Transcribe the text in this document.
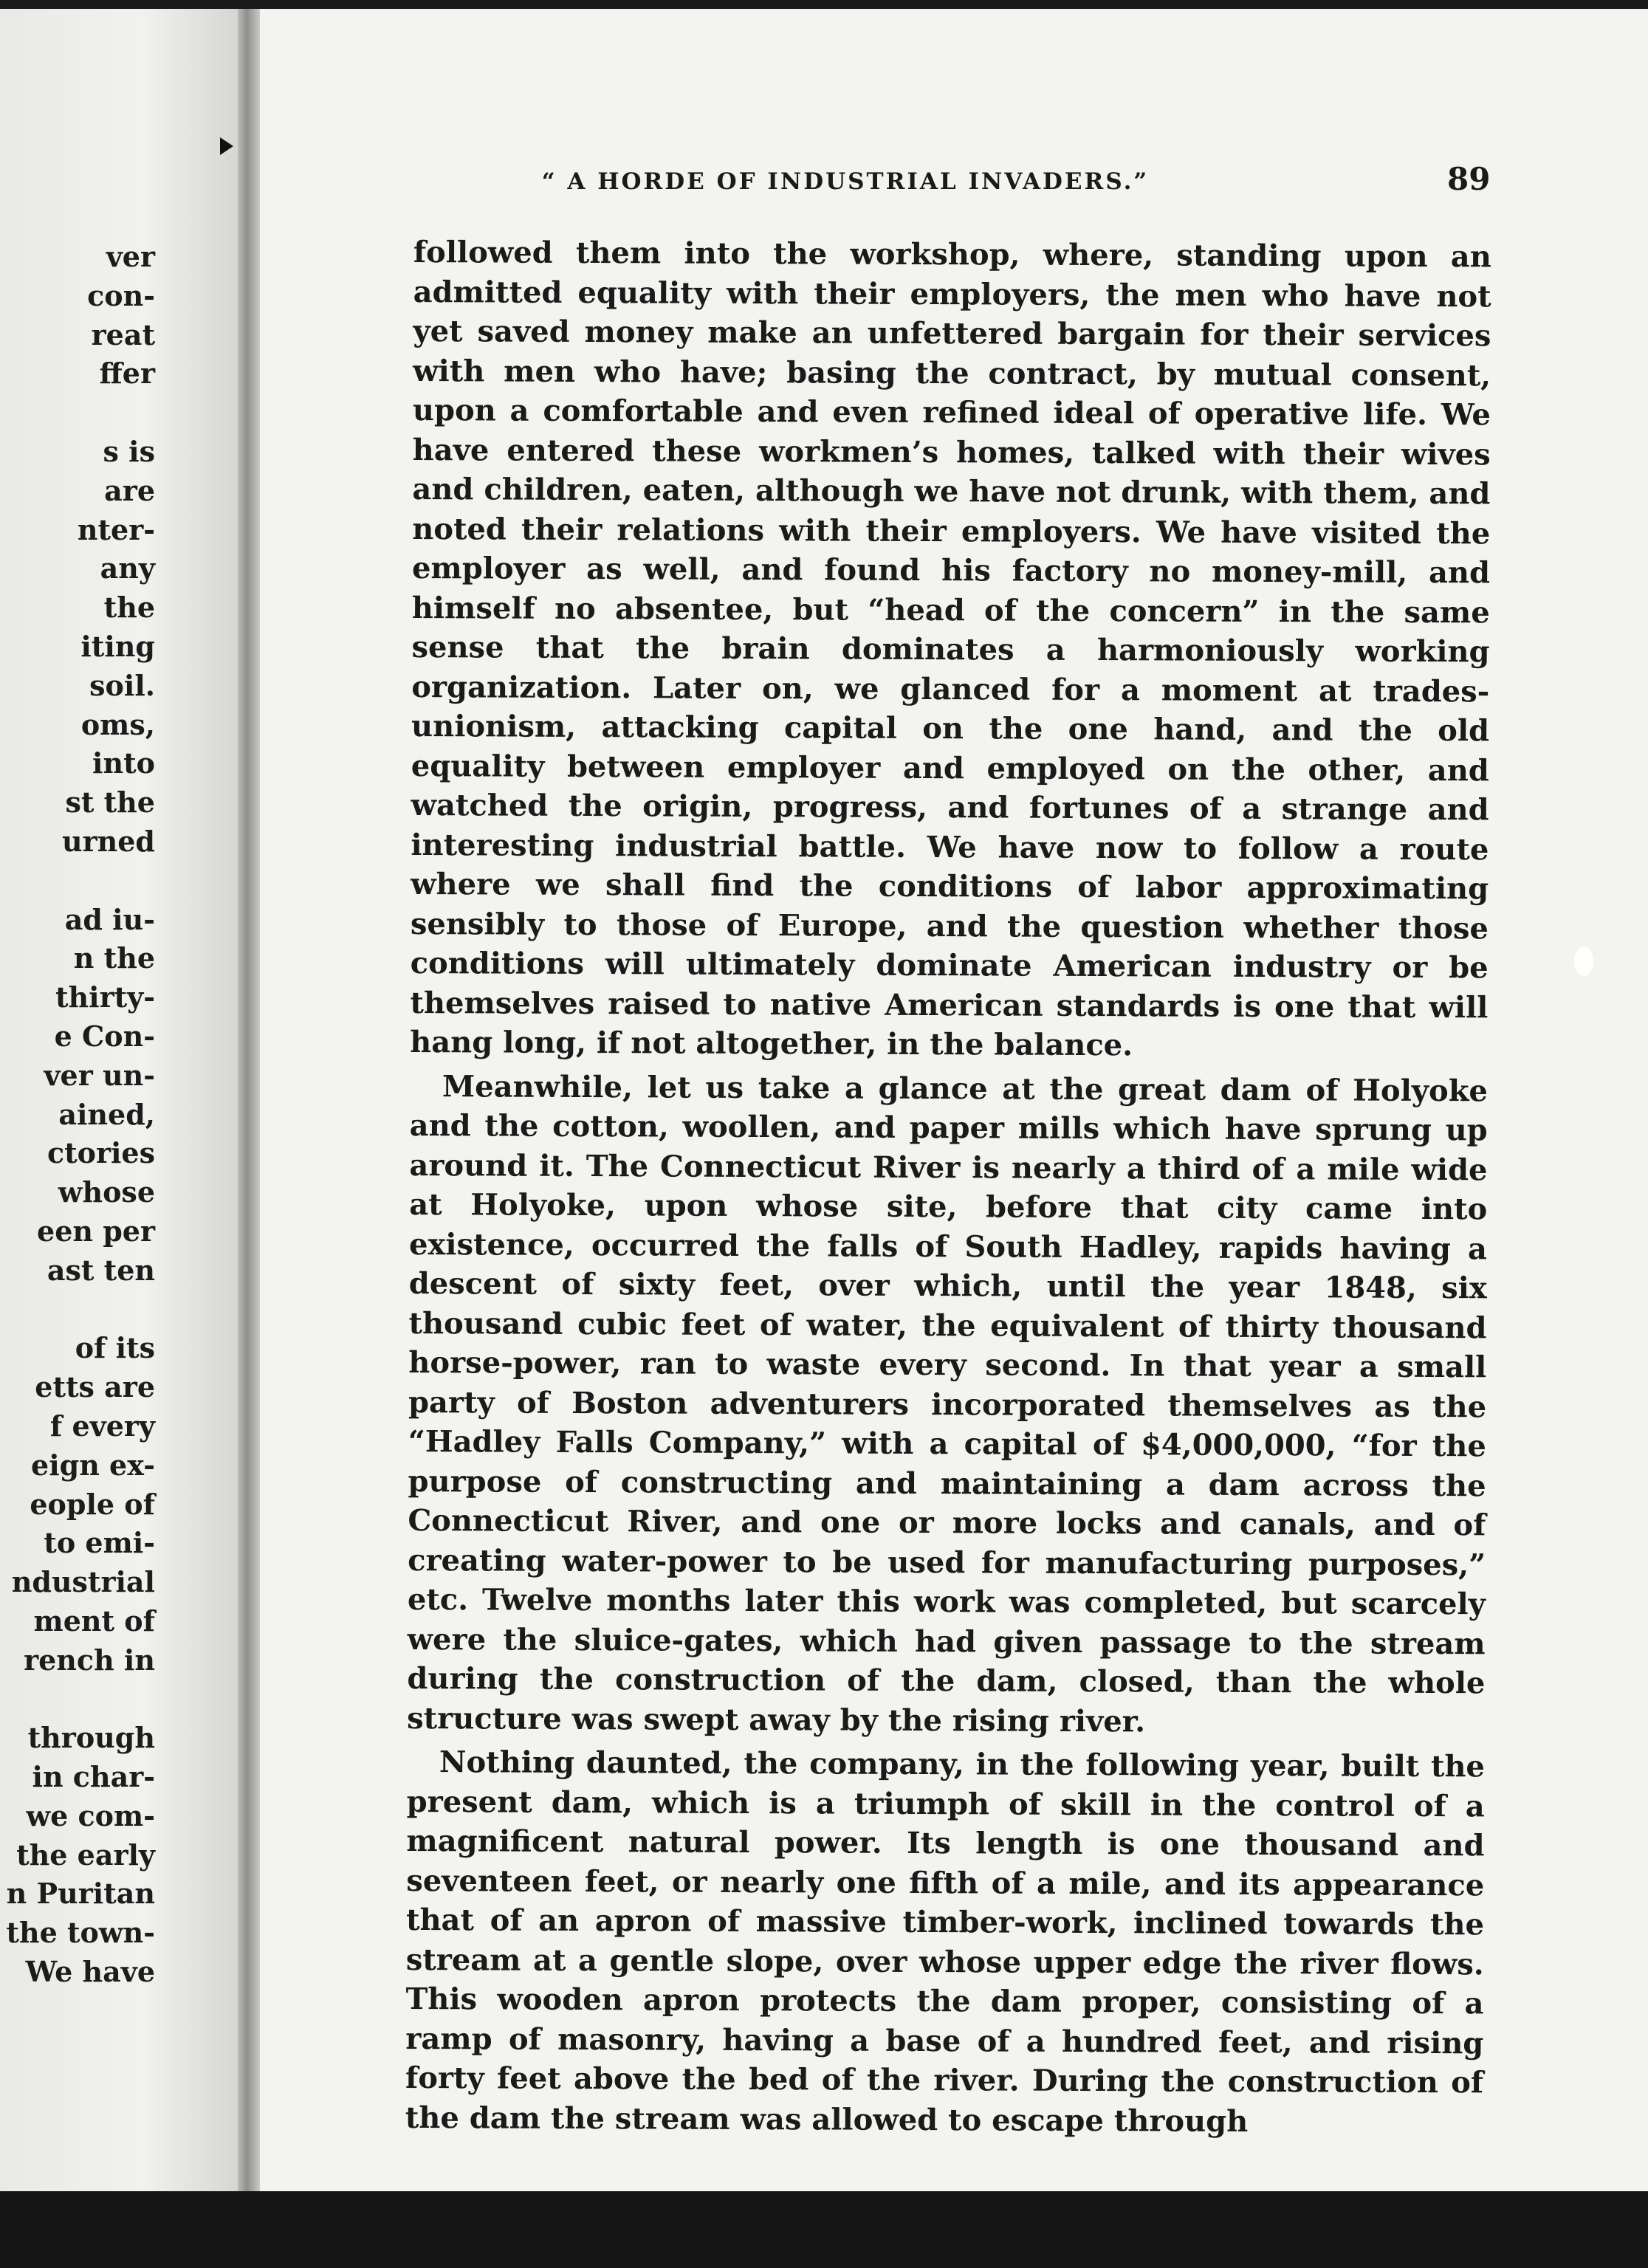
ver
con-
reat
ffer
s is
are
nter-
any
the
iting
soil.
oms,
into
st the
urned
ad iu-
n the
thirty-
e Con-
ver un-
ained,
ctories
whose
een per
ast ten
of its
etts are
f every
eign ex-
eople of
to emi-
ndustrial
ment of
rench in
through
in char-
we com-
the early
n Puritan
the town-
We have
“ A HORDE OF INDUSTRIAL INVADERS.”	89

followed them into the workshop, where, standing upon an admitted equality with their employers, the men who have not yet saved money make an unfettered bargain for their services with men who have; basing the contract, by mutual consent, upon a comfortable and even refined ideal of operative life. We have entered these workmen’s homes, talked with their wives and children, eaten, although we have not drunk, with them, and noted their relations with their employers. We have visited the employer as well, and found his factory no money-mill, and himself no absentee, but “head of the concern” in the same sense that the brain dominates a harmoniously working organization. Later on, we glanced for a moment at trades-unionism, attacking capital on the one hand, and the old equality between employer and employed on the other, and watched the origin, progress, and fortunes of a strange and interesting industrial battle. We have now to follow a route where we shall find the conditions of labor approximating sensibly to those of Europe, and the question whether those conditions will ultimately dominate American industry or be themselves raised to native American standards is one that will hang long, if not altogether, in the balance.

Meanwhile, let us take a glance at the great dam of Holyoke and the cotton, woollen, and paper mills which have sprung up around it. The Connecticut River is nearly a third of a mile wide at Holyoke, upon whose site, before that city came into existence, occurred the falls of South Hadley, rapids having a descent of sixty feet, over which, until the year 1848, six thousand cubic feet of water, the equivalent of thirty thousand horse-power, ran to waste every second. In that year a small party of Boston adventurers incorporated themselves as the “Hadley Falls Company,” with a capital of $4,000,000, “for the purpose of constructing and maintaining a dam across the Connecticut River, and one or more locks and canals, and of creating water-power to be used for manufacturing purposes,” etc. Twelve months later this work was completed, but scarcely were the sluice-gates, which had given passage to the stream during the construction of the dam, closed, than the whole structure was swept away by the rising river.

Nothing daunted, the company, in the following year, built the present dam, which is a triumph of skill in the control of a magnificent natural power. Its length is one thousand and seventeen feet, or nearly one fifth of a mile, and its appearance that of an apron of massive timber-work, inclined towards the stream at a gentle slope, over whose upper edge the river flows. This wooden apron protects the dam proper, consisting of a ramp of masonry, having a base of a hundred feet, and rising forty feet above the bed of the river. During the construction of the dam the stream was allowed to escape through
